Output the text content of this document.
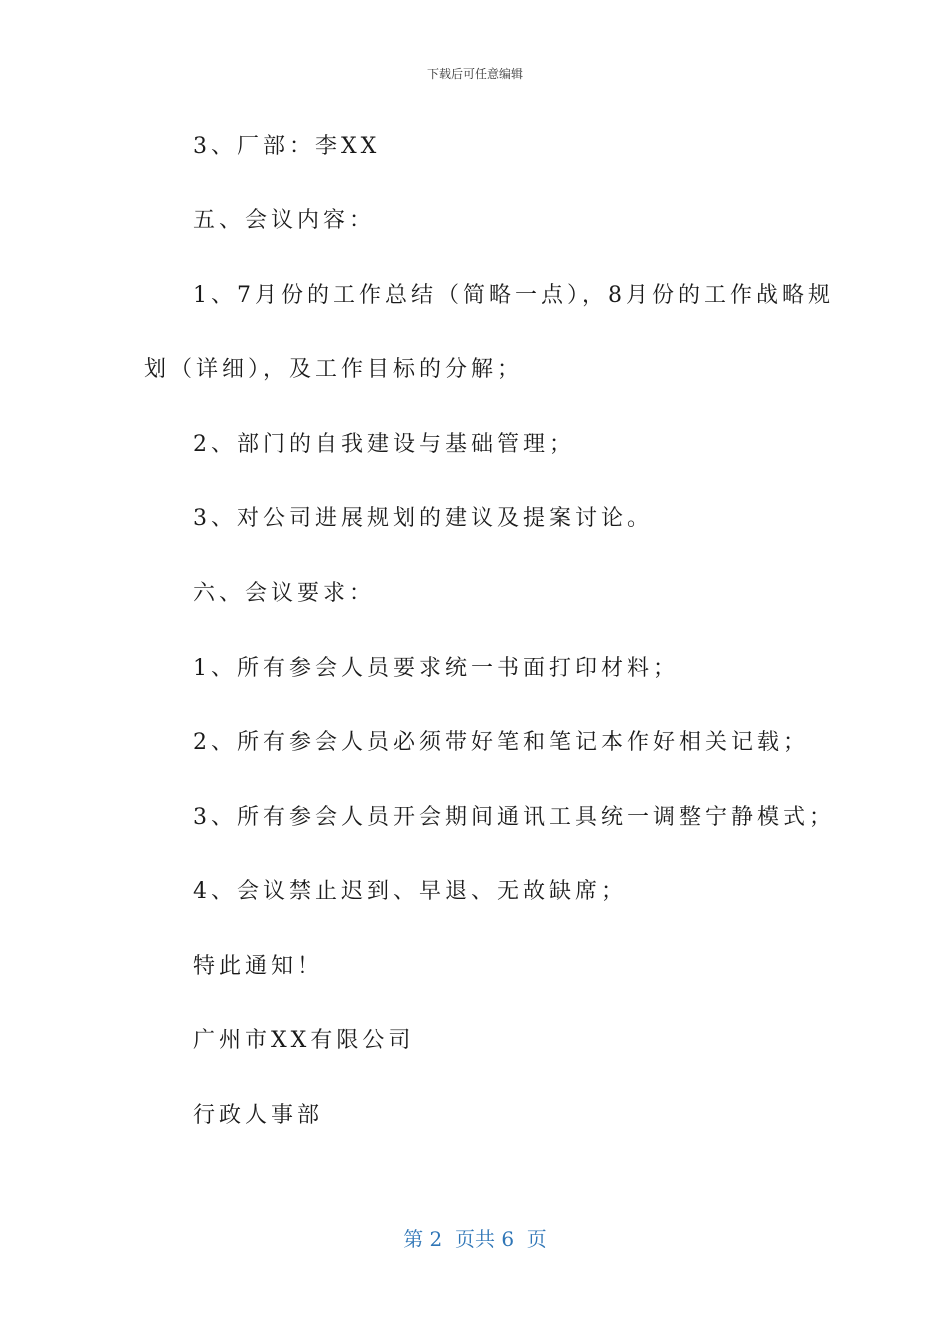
下载后可任意编辑
3、厂部：李XX
五、会议内容：
1、7月份的工作总结（简略一点），8月份的工作战略规
划（详细），及工作目标的分解；
2、部门的自我建设与基础管理；
3、对公司进展规划的建议及提案讨论。
六、会议要求：
1、所有参会人员要求统一书面打印材料；
2、所有参会人员必须带好笔和笔记本作好相关记载；
3、所有参会人员开会期间通讯工具统一调整宁静模式；
4、会议禁止迟到、早退、无故缺席；
特此通知！
广州市XX有限公司
行政人事部
第 2  页共 6  页
